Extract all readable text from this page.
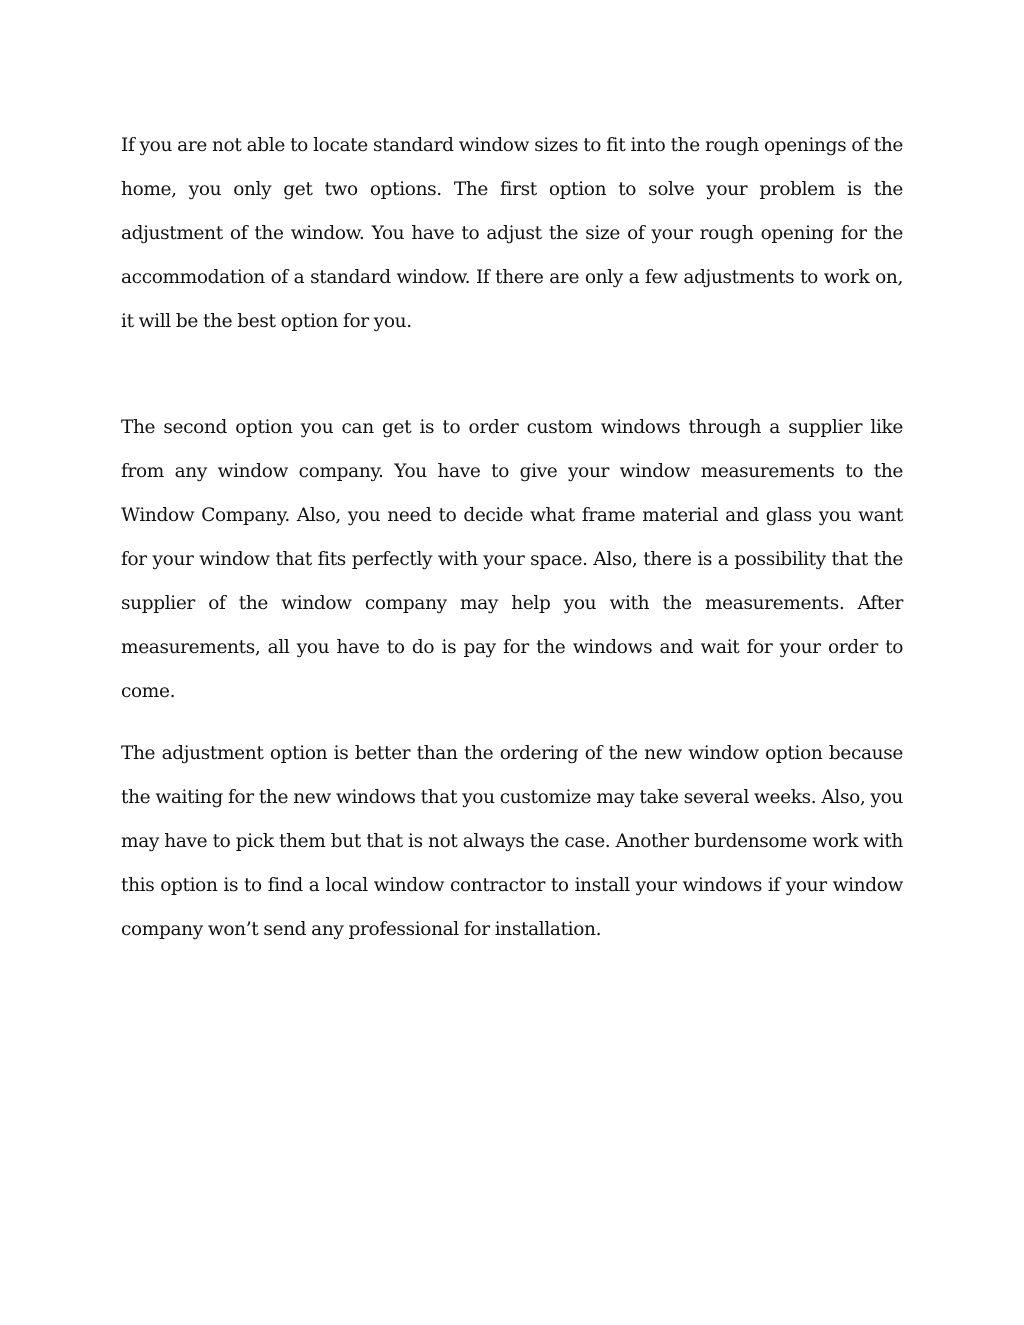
If you are not able to locate standard window sizes to fit into the rough openings of the home, you only get two options. The first option to solve your problem is the adjustment of the window. You have to adjust the size of your rough opening for the accommodation of a standard window. If there are only a few adjustments to work on, it will be the best option for you.

The second option you can get is to order custom windows through a supplier like from any window company. You have to give your window measurements to the Window Company. Also, you need to decide what frame material and glass you want for your window that fits perfectly with your space. Also, there is a possibility that the supplier of the window company may help you with the measurements. After measurements, all you have to do is pay for the windows and wait for your order to come.

The adjustment option is better than the ordering of the new window option because the waiting for the new windows that you customize may take several weeks. Also, you may have to pick them but that is not always the case. Another burdensome work with this option is to find a local window contractor to install your windows if your window company won’t send any professional for installation.
